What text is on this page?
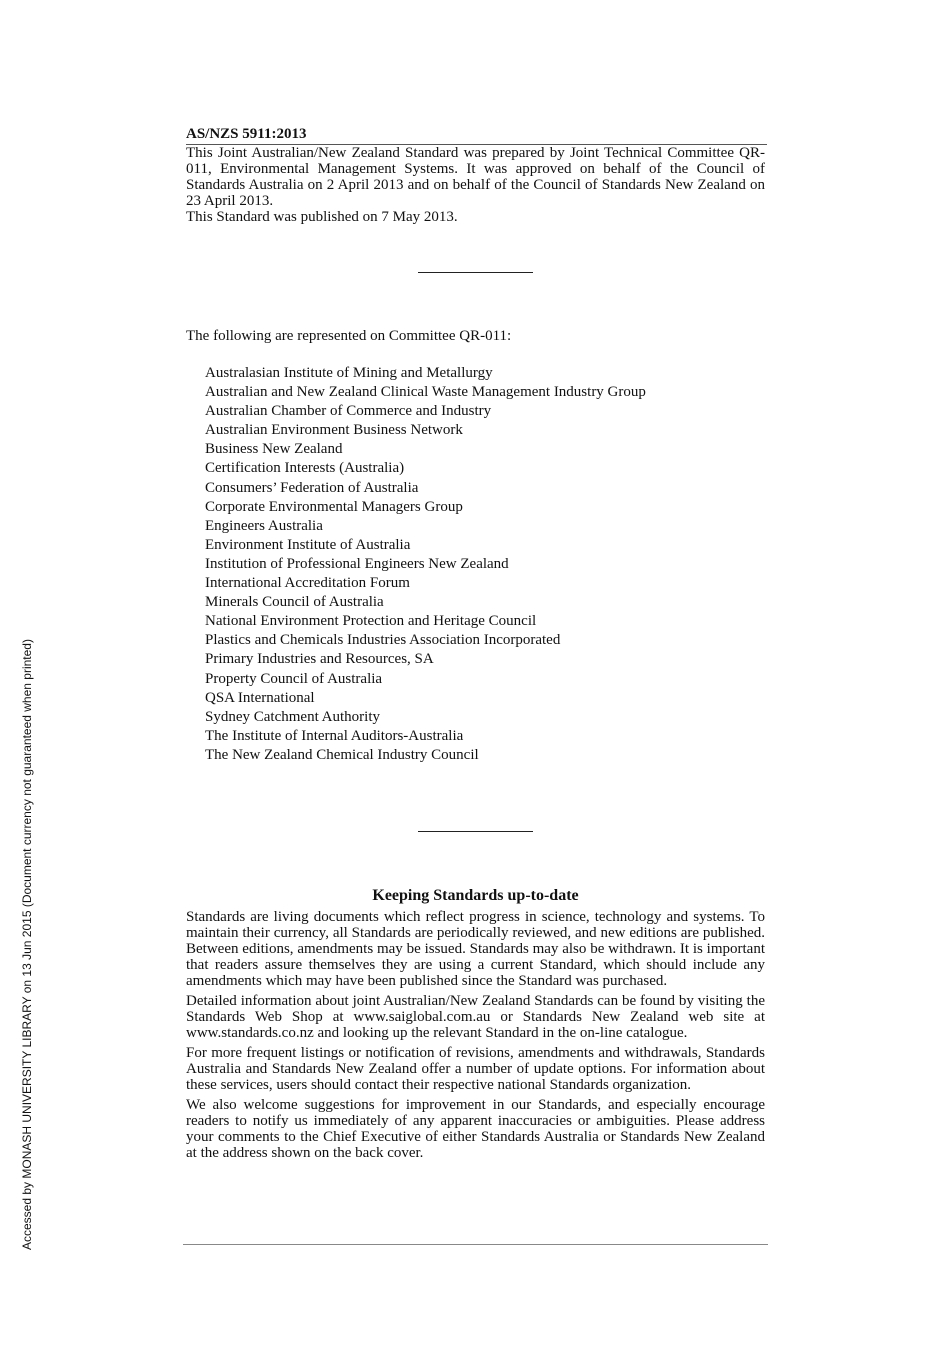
AS/NZS 5911:2013

This Joint Australian/New Zealand Standard was prepared by Joint Technical Committee QR-011, Environmental Management Systems. It was approved on behalf of the Council of Standards Australia on 2 April 2013 and on behalf of the Council of Standards New Zealand on 23 April 2013.

This Standard was published on 7 May 2013.

The following are represented on Committee QR-011:

Australasian Institute of Mining and Metallurgy
Australian and New Zealand Clinical Waste Management Industry Group
Australian Chamber of Commerce and Industry
Australian Environment Business Network
Business New Zealand
Certification Interests (Australia)
Consumers’ Federation of Australia
Corporate Environmental Managers Group
Engineers Australia
Environment Institute of Australia
Institution of Professional Engineers New Zealand
International Accreditation Forum
Minerals Council of Australia
National Environment Protection and Heritage Council
Plastics and Chemicals Industries Association Incorporated
Primary Industries and Resources, SA
Property Council of Australia
QSA International
Sydney Catchment Authority
The Institute of Internal Auditors-Australia
The New Zealand Chemical Industry Council
Keeping Standards up-to-date

Standards are living documents which reflect progress in science, technology and systems. To maintain their currency, all Standards are periodically reviewed, and new editions are published. Between editions, amendments may be issued. Standards may also be withdrawn. It is important that readers assure themselves they are using a current Standard, which should include any amendments which may have been published since the Standard was purchased.

Detailed information about joint Australian/New Zealand Standards can be found by visiting the Standards Web Shop at www.saiglobal.com.au or Standards New Zealand web site at www.standards.co.nz and looking up the relevant Standard in the on-line catalogue.

For more frequent listings or notification of revisions, amendments and withdrawals, Standards Australia and Standards New Zealand offer a number of update options. For information about these services, users should contact their respective national Standards organization.

We also welcome suggestions for improvement in our Standards, and especially encourage readers to notify us immediately of any apparent inaccuracies or ambiguities. Please address your comments to the Chief Executive of either Standards Australia or Standards New Zealand at the address shown on the back cover.

Accessed by MONASH UNIVERSITY LIBRARY on 13 Jun 2015 (Document currency not guaranteed when printed)
